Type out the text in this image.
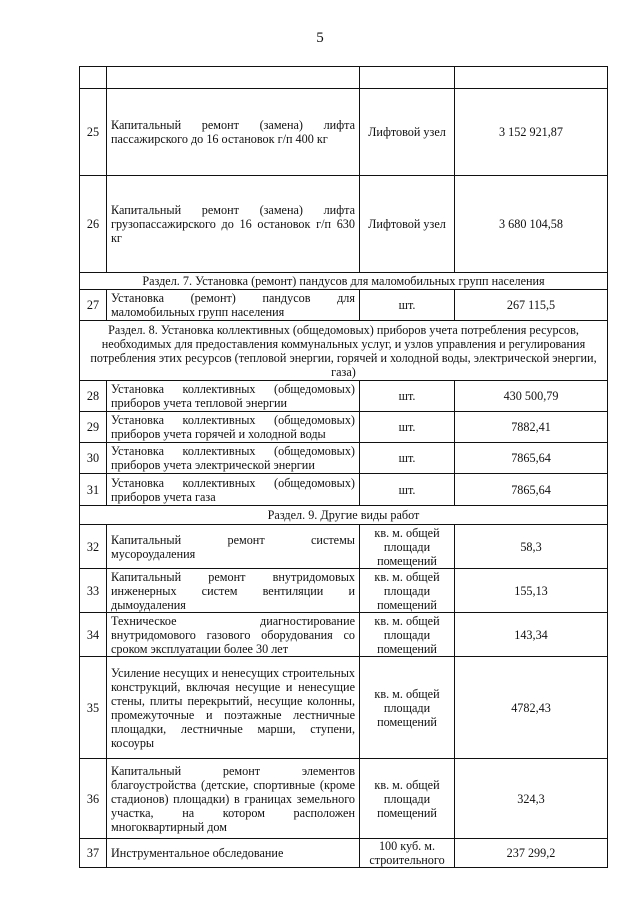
5

25	Капитальный ремонт (замена) лифта пассажирского до 16 остановок г/п 400 кг	Лифтовой узел	3 152 921,87
26	Капитальный ремонт (замена) лифта грузопассажирского до 16 остановок г/п 630 кг	Лифтовой узел	3 680 104,58
Раздел. 7. Установка (ремонт) пандусов для маломобильных групп населения			
27	Установка (ремонт) пандусов для маломобильных групп населения	шт.	267 115,5
Раздел. 8. Установка коллективных (общедомовых) приборов учета потребления ресурсов, необходимых для предоставления коммунальных услуг, и узлов управления и регулирования потребления этих ресурсов (тепловой энергии, горячей и холодной воды, электрической энергии, газа)			
28	Установка коллективных (общедомовых) приборов учета тепловой энергии	шт.	430 500,79
29	Установка коллективных (общедомовых) приборов учета горячей и холодной воды	шт.	7882,41
30	Установка коллективных (общедомовых) приборов учета электрической энергии	шт.	7865,64
31	Установка коллективных (общедомовых) приборов учета газа	шт.	7865,64
Раздел. 9. Другие виды работ			
32	Капитальный ремонт системы мусороудаления	кв. м. общей площади помещений	58,3
33	Капитальный ремонт внутридомовых инженерных систем вентиляции и дымоудаления	кв. м. общей площади помещений	155,13
34	Техническое диагностирование внутридомового газового оборудования со сроком эксплуатации более 30 лет	кв. м. общей площади помещений	143,34
35	Усиление несущих и ненесущих строительных конструкций, включая несущие и ненесущие стены, плиты перекрытий, несущие колонны, промежуточные и поэтажные лестничные площадки, лестничные марши, ступени, косоуры	кв. м. общей площади помещений	4782,43
36	Капитальный ремонт элементов благоустройства (детские, спортивные (кроме стадионов) площадки) в границах земельного участка, на котором расположен многоквартирный дом	кв. м. общей площади помещений	324,3
37	Инструментальное обследование	100 куб. м. строительного	237 299,2
